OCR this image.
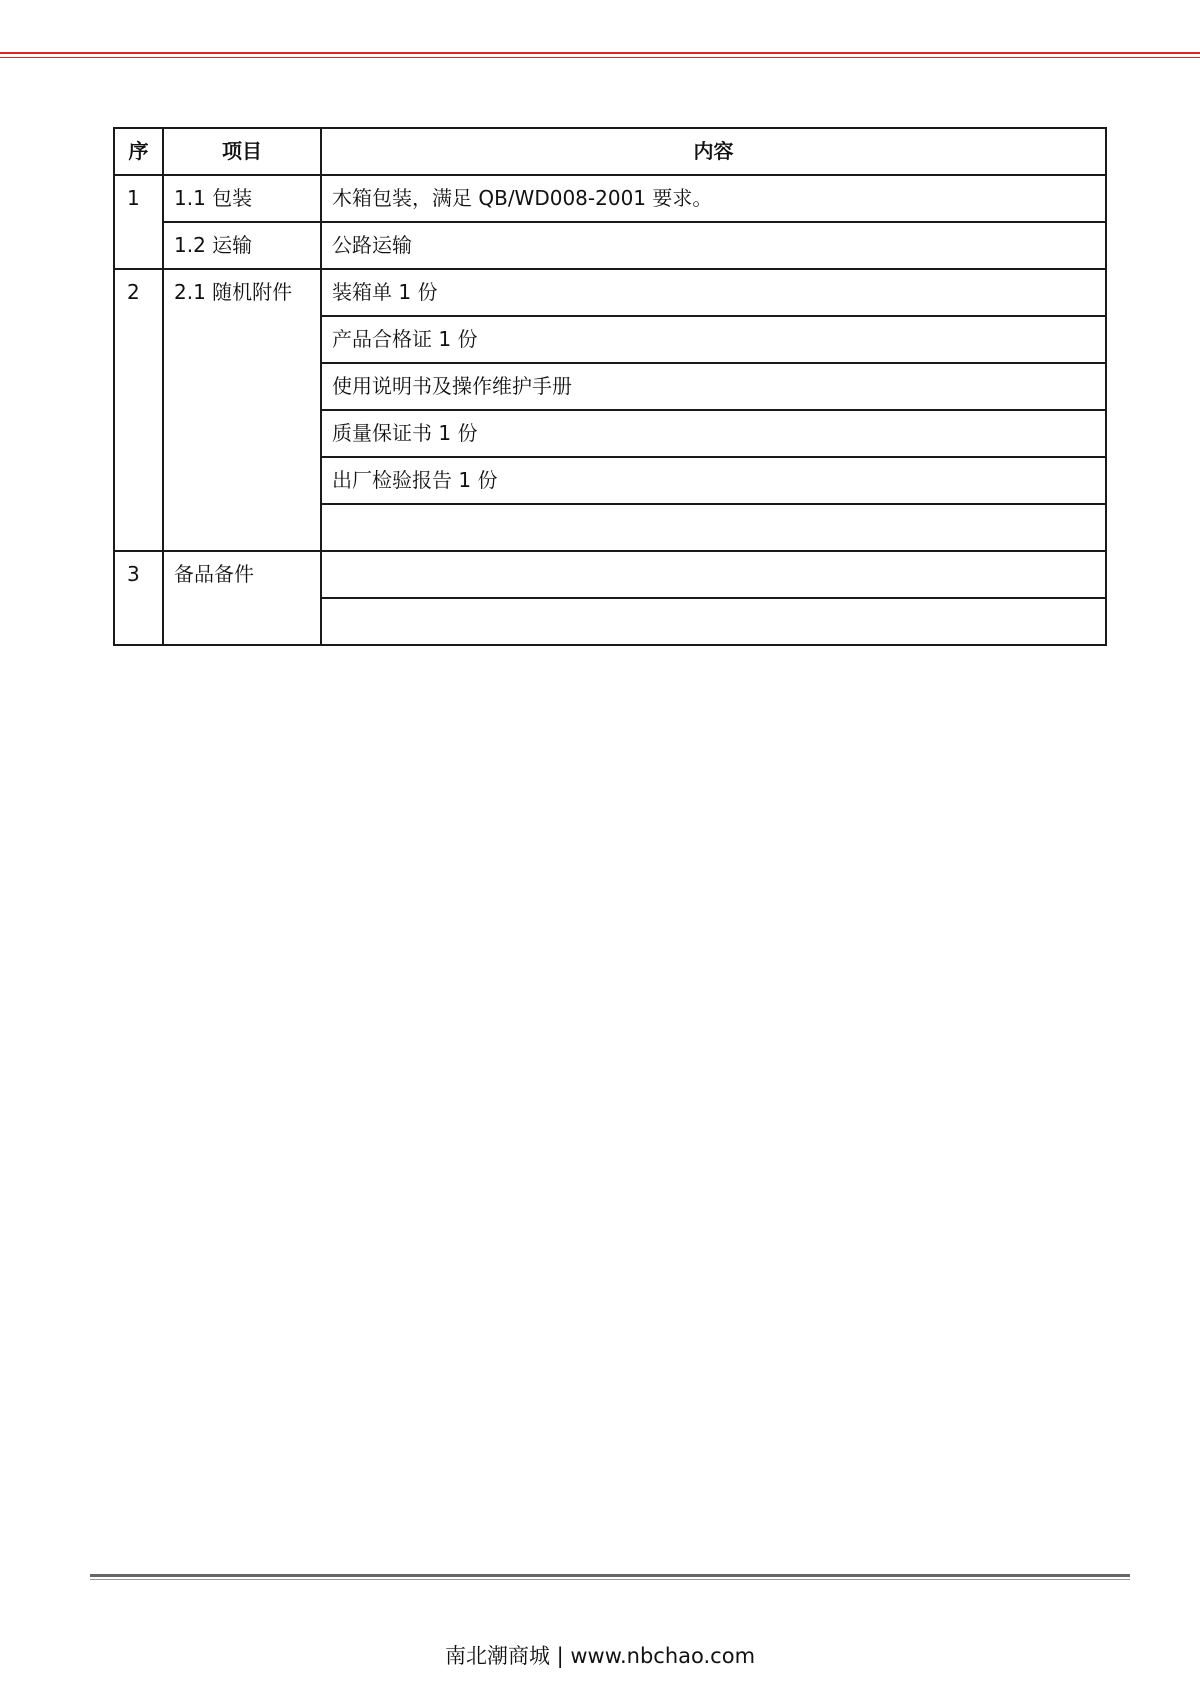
序	项目	内容
1	1.1 包装	木箱包装，满足 QB/WD008-2001 要求。
	1.2 运输	公路运输
2	2.1 随机附件	装箱单 1 份
		产品合格证 1 份
		使用说明书及操作维护手册
		质量保证书 1 份
		出厂检验报告 1 份

3	备品备件	

南北潮商城 | www.nbchao.com
